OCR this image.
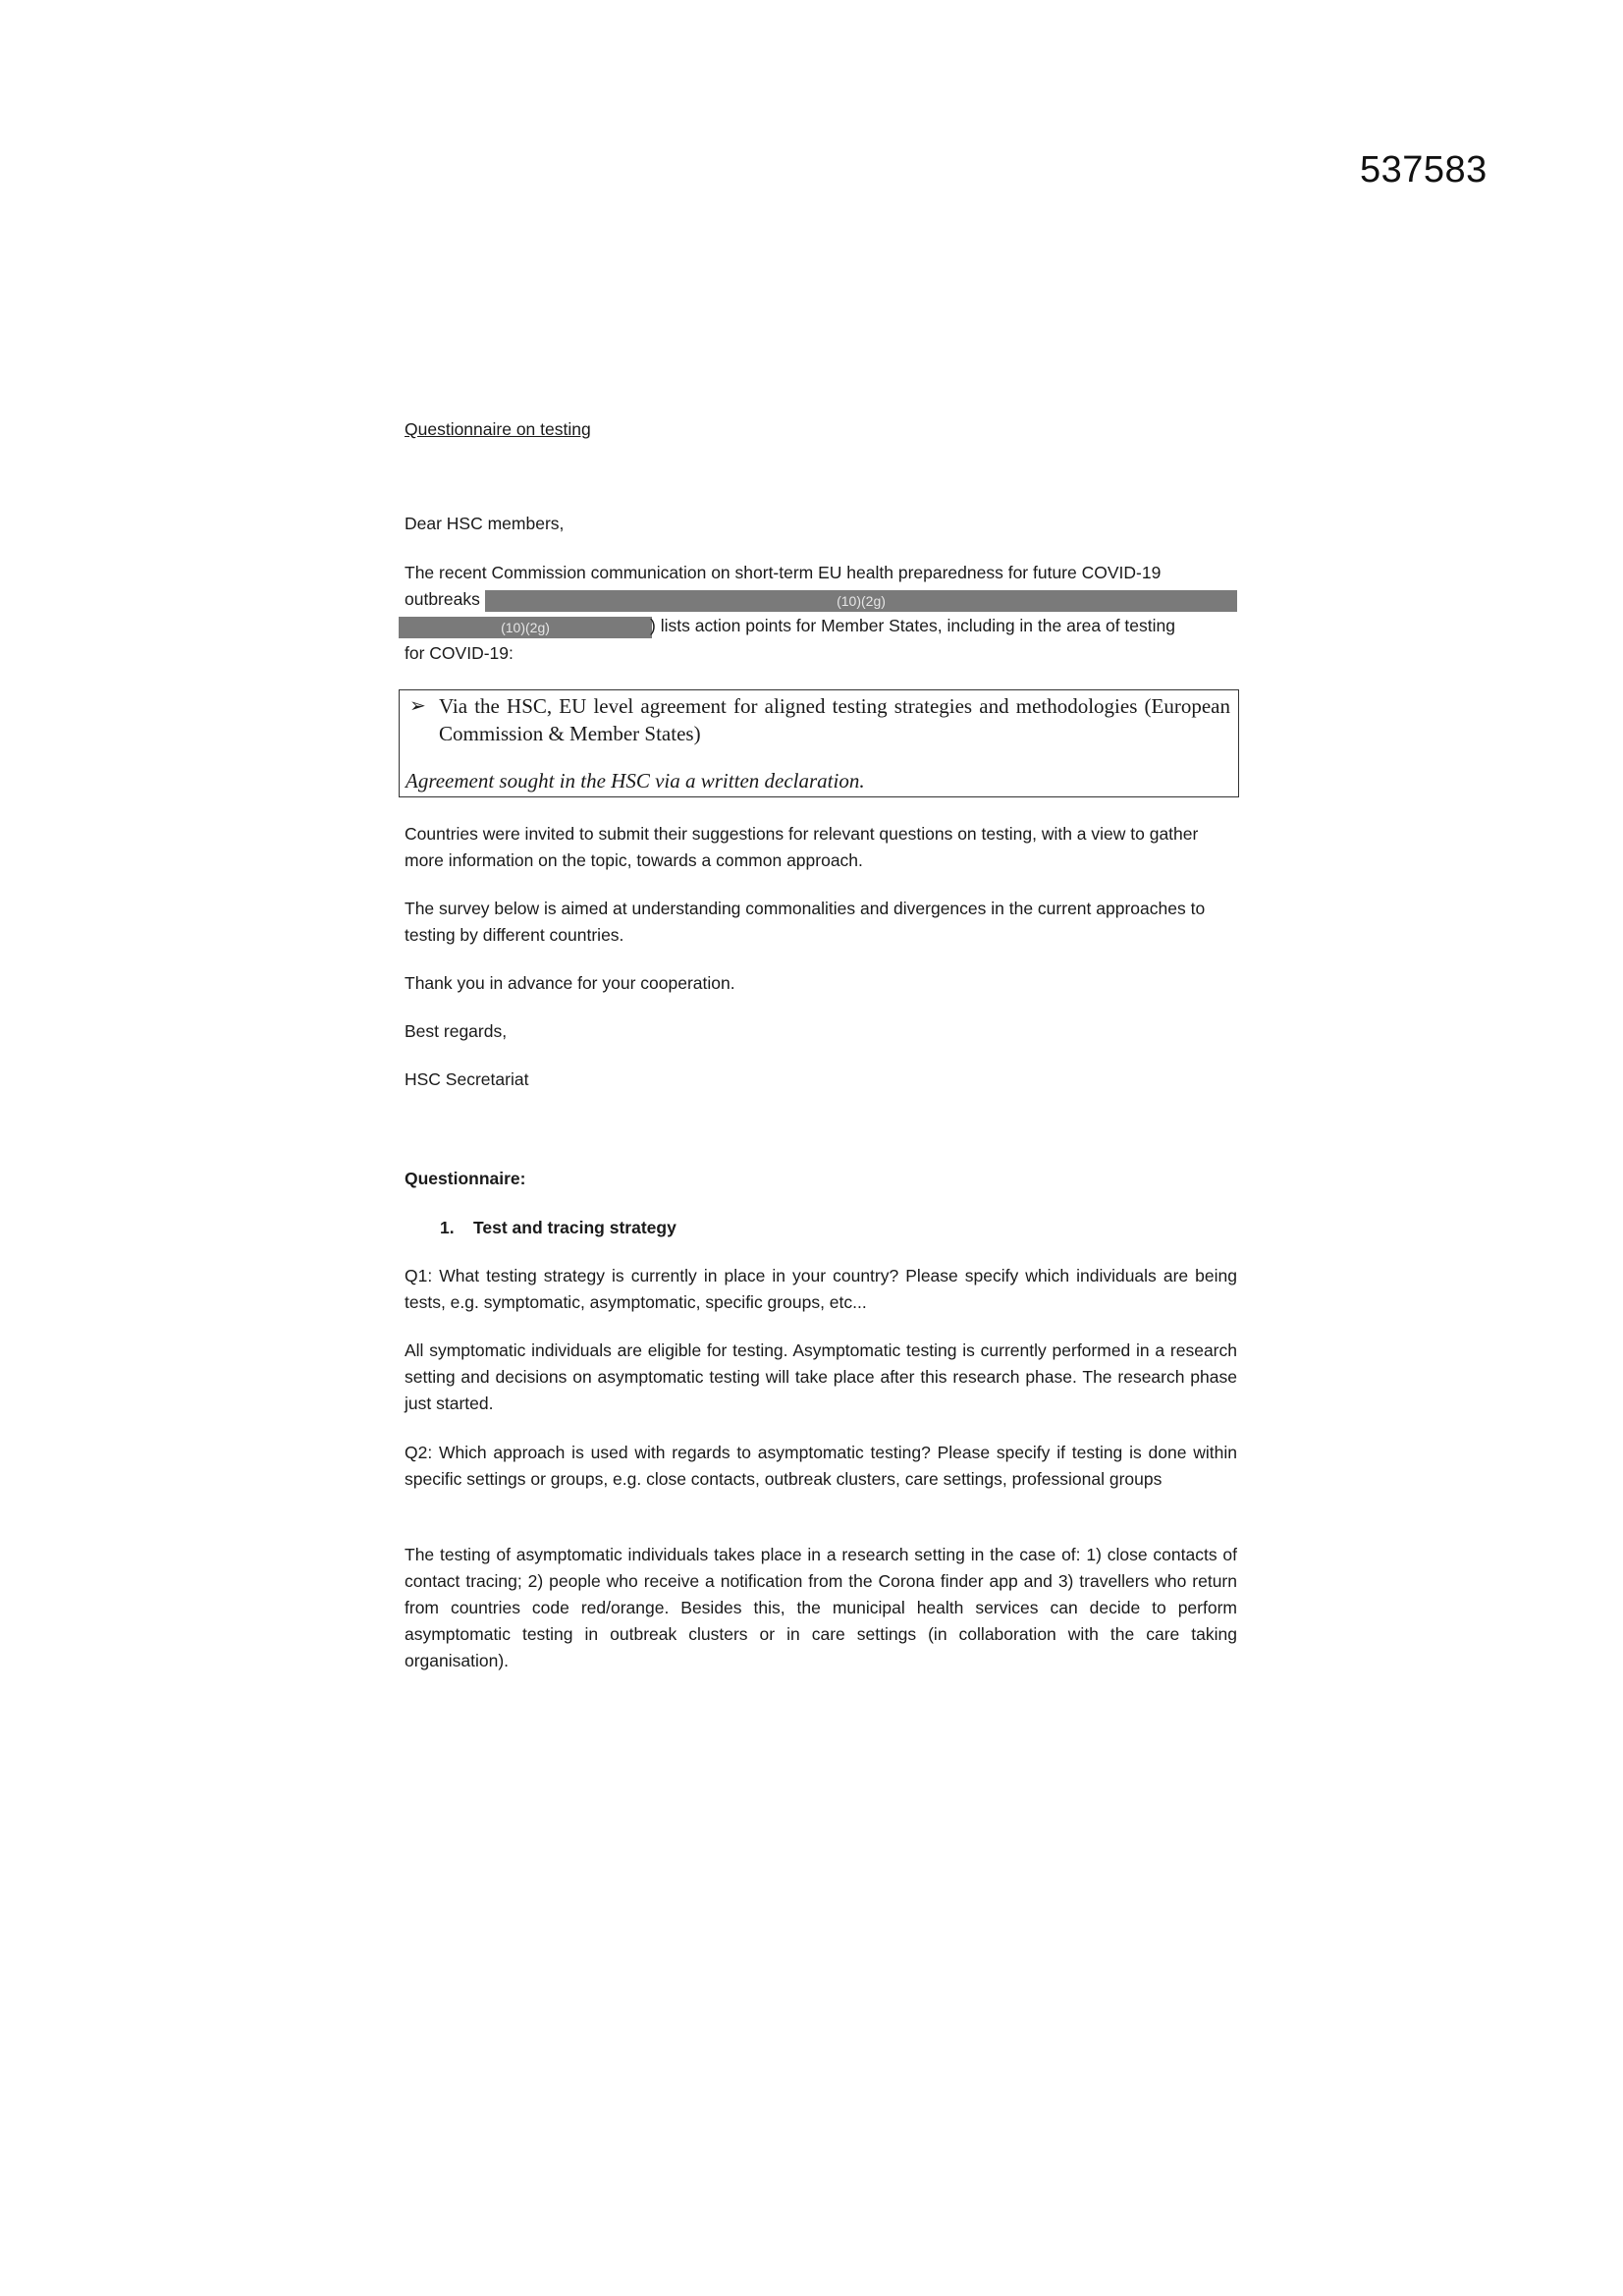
537583

Questionnaire on testing

Dear HSC members,

The recent Commission communication on short-term EU health preparedness for future COVID-19

outbreaks	(10)(2g)
(10)(2g)	) lists action points for Member States, including in the area of testing

for COVID-19:

➢ Via the HSC, EU level agreement for aligned testing strategies and methodologies (European Commission & Member States)
Agreement sought in the HSC via a written declaration.

Countries were invited to submit their suggestions for relevant questions on testing, with a view to gather more information on the topic, towards a common approach.

The survey below is aimed at understanding commonalities and divergences in the current approaches to testing by different countries.

Thank you in advance for your cooperation.

Best regards,

HSC Secretariat

Questionnaire:

1. Test and tracing strategy

Q1: What testing strategy is currently in place in your country? Please specify which individuals are being tests, e.g. symptomatic, asymptomatic, specific groups, etc...

All symptomatic individuals are eligible for testing. Asymptomatic testing is currently performed in a research setting and decisions on asymptomatic testing will take place after this research phase. The research phase just started.

Q2: Which approach is used with regards to asymptomatic testing? Please specify if testing is done within specific settings or groups, e.g. close contacts, outbreak clusters, care settings, professional groups

The testing of asymptomatic individuals takes place in a research setting in the case of: 1) close contacts of contact tracing; 2) people who receive a notification from the Corona finder app and 3) travellers who return from countries code red/orange. Besides this, the municipal health services can decide to perform asymptomatic testing in outbreak clusters or in care settings (in collaboration with the care taking organisation).
